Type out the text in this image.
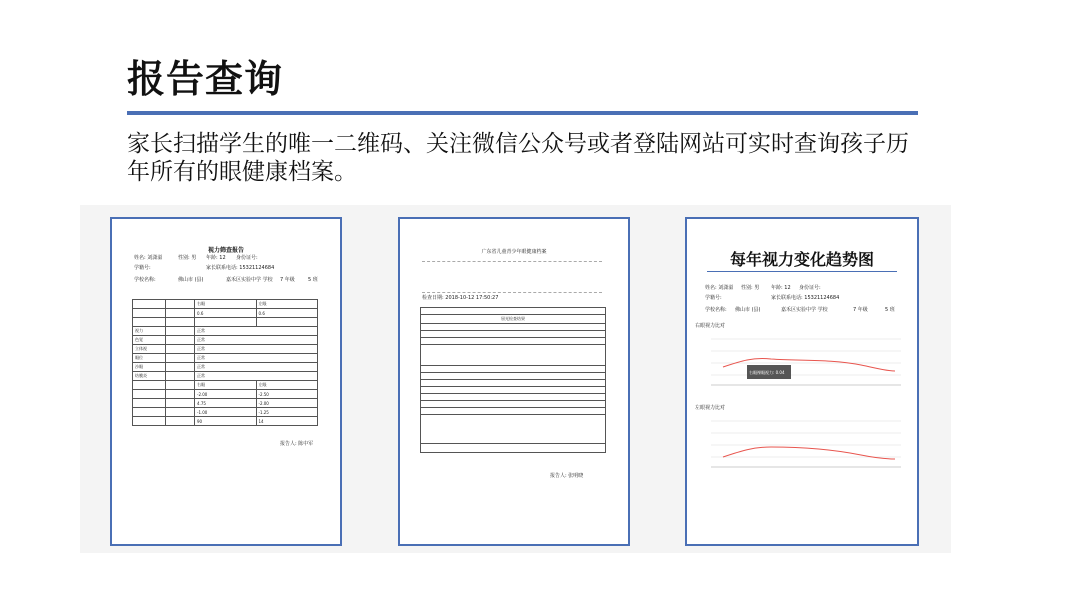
报告查询
家长扫描学生的唯一二维码、关注微信公众号或者登陆网站可实时查询孩子历年所有的眼健康档案。
视力筛查报告
姓名: 刘潇溢	性别: 男 年龄: 12 身份证号:
学籍号:	家长联系电话: 15321124684
学校名称:	佛山市 (县)	嘉禾区实验中学 学校 7 年级	5 班
		右眼	左眼
		0.6	0.6

视力		正常	
色觉		正常	
立体视		正常	
眼位		正常	
沙眼		正常	
结膜炎		正常	
		右眼	左眼
		-2.00	-2.50
		4.75	-2.00
		-1.00	-1.25
		90	14
报告人: 陈中军
广东省儿童青少年眼健康档案
检查日期: 2018-10-12 17:50:27

屈光检查结果

报告人: 张明晓
每年视力变化趋势图
姓名: 刘潇溢 性别: 男 年龄: 12 身份证号:
学籍号:	家长联系电话: 15321124684
学校名称: 佛山市 (县)	嘉禾区实验中学 学校	7 年级	5 班
右眼视力比对
右眼裸眼视力: 0.04
左眼视力比对
